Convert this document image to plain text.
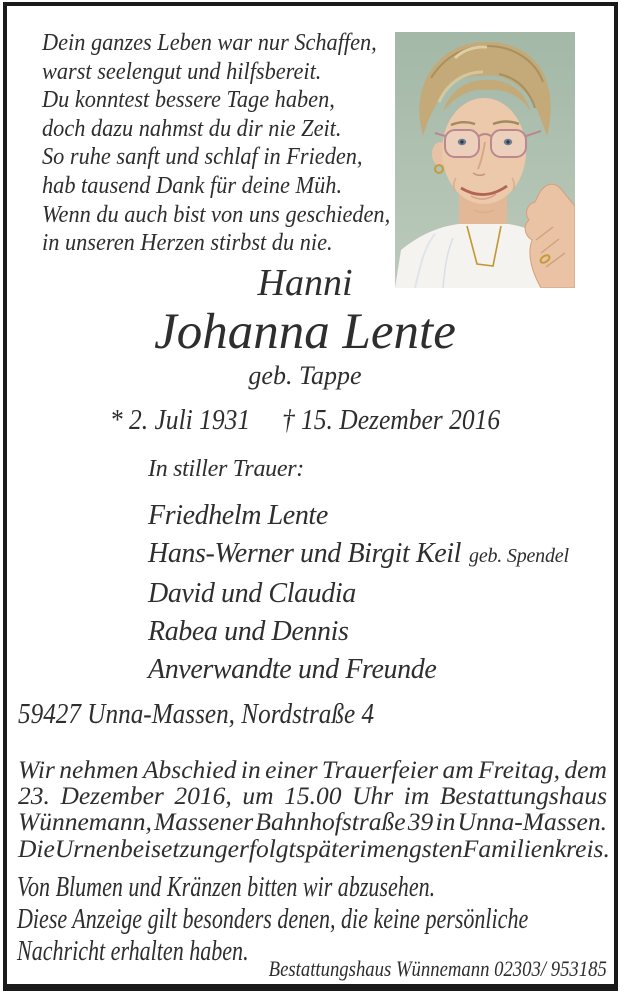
Dein ganzes Leben war nur Schaffen,
warst seelengut und hilfsbereit.
Du konntest bessere Tage haben,
doch dazu nahmst du dir nie Zeit.
So ruhe sanft und schlaf in Frieden,
hab tausend Dank für deine Müh.
Wenn du auch bist von uns geschieden,
in unseren Herzen stirbst du nie.
Hanni
Johanna Lente
geb. Tappe
* 2. Juli 1931 † 15. Dezember 2016
In stiller Trauer:
Friedhelm Lente
Hans-Werner und Birgit Keil geb. Spendel
David und Claudia
Rabea und Dennis
Anverwandte und Freunde
59427 Unna-Massen, Nordstraße 4
Wir nehmen Abschied in einer Trauerfeier am Freitag, dem
23. Dezember 2016, um 15.00 Uhr im Bestattungshaus
Wünnemann, Massener Bahnhofstraße 39 in Unna-Massen.
Die Urnenbeisetzung erfolgt später im engsten Familienkreis.
Von Blumen und Kränzen bitten wir abzusehen.
Diese Anzeige gilt besonders denen, die keine persönliche
Nachricht erhalten haben.
Bestattungshaus Wünnemann 02303/ 953185
